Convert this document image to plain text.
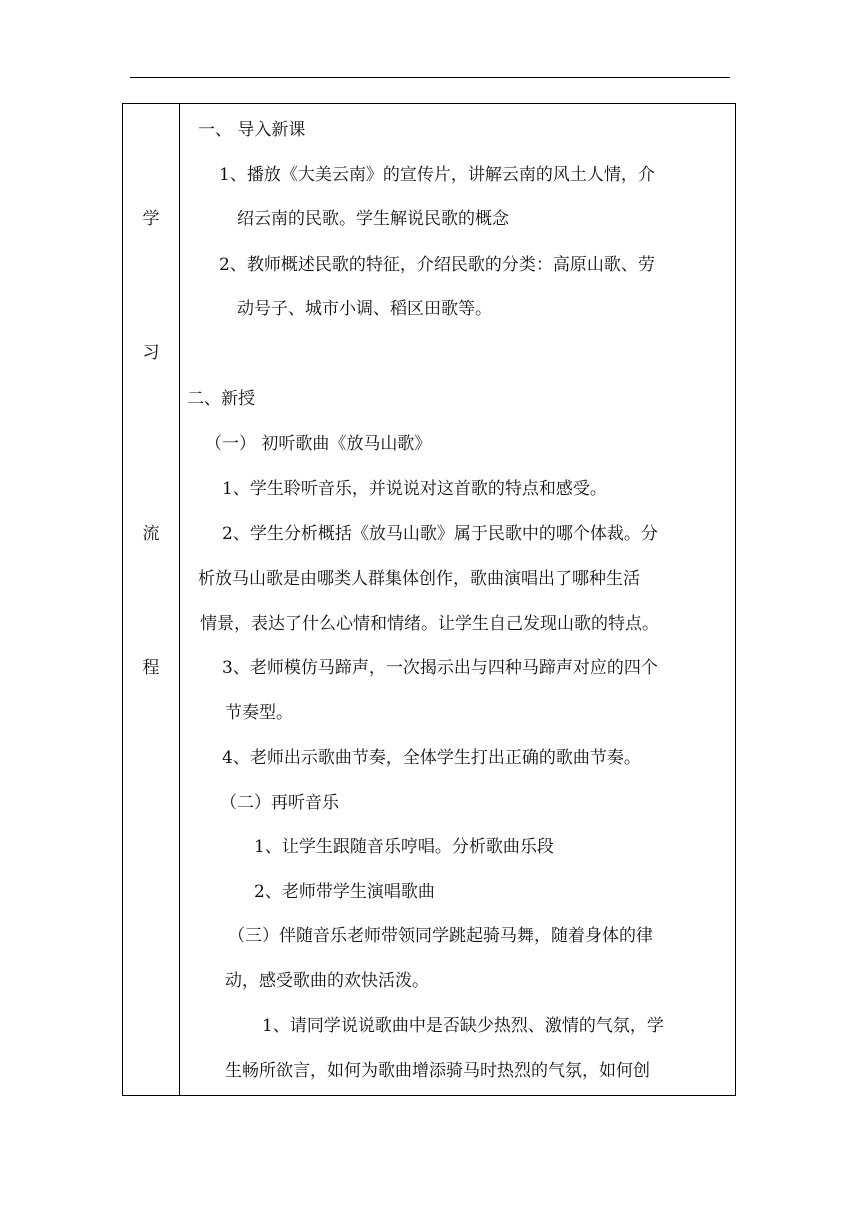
学
习
流
程
一、 导入新课
1、播放《大美云南》的宣传片，讲解云南的风土人情，介
绍云南的民歌。学生解说民歌的概念
2、教师概述民歌的特征，介绍民歌的分类：高原山歌、劳
动号子、城市小调、稻区田歌等。
二、新授
（一） 初听歌曲《放马山歌》
1、学生聆听音乐，并说说对这首歌的特点和感受。
2、学生分析概括《放马山歌》属于民歌中的哪个体裁。分
析放马山歌是由哪类人群集体创作，歌曲演唱出了哪种生活
情景，表达了什么心情和情绪。让学生自己发现山歌的特点。
3、老师模仿马蹄声，一次揭示出与四种马蹄声对应的四个
节奏型。
4、老师出示歌曲节奏，全体学生打出正确的歌曲节奏。
（二）再听音乐
1、让学生跟随音乐哼唱。分析歌曲乐段
2、老师带学生演唱歌曲
（三）伴随音乐老师带领同学跳起骑马舞，随着身体的律
动，感受歌曲的欢快活泼。
1、请同学说说歌曲中是否缺少热烈、激情的气氛，学
生畅所欲言，如何为歌曲增添骑马时热烈的气氛，如何创
